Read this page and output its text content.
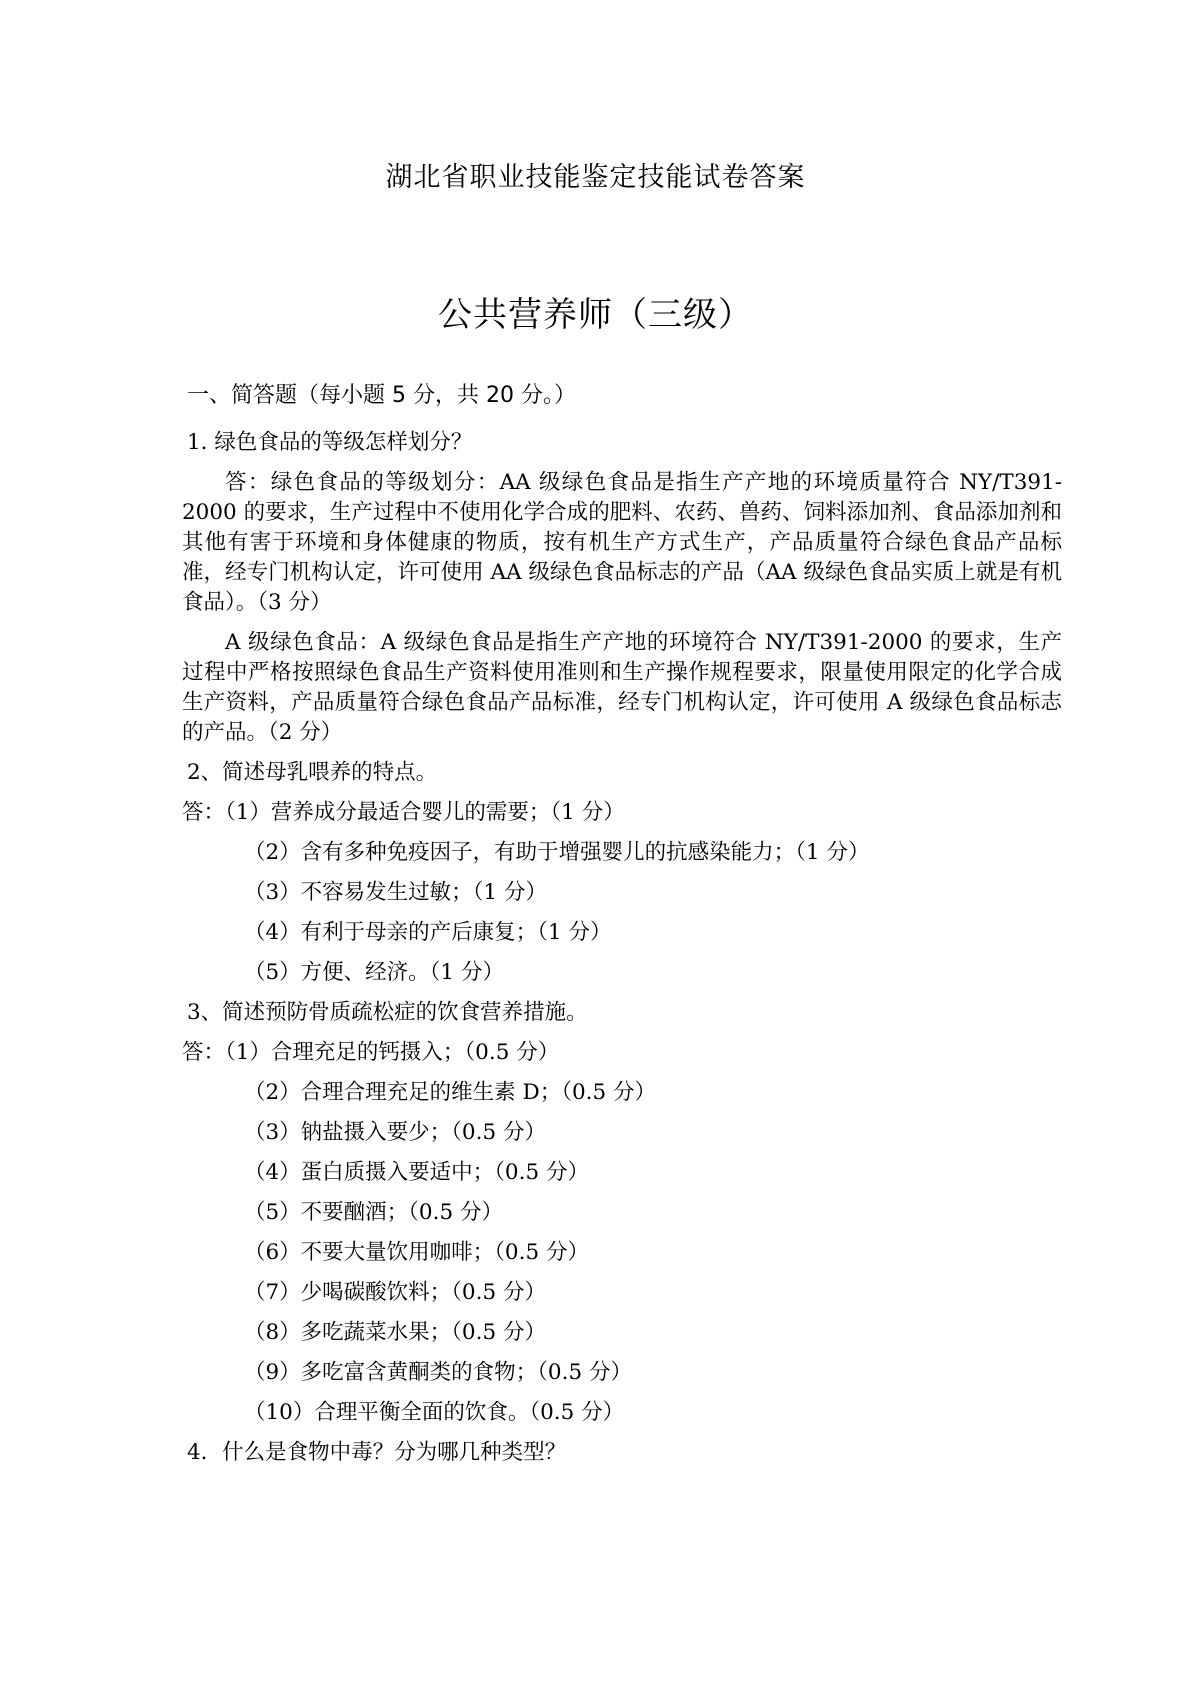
湖北省职业技能鉴定技能试卷答案
公共营养师（三级）
一、简答题（每小题 5 分，共 20 分。）
1. 绿色食品的等级怎样划分？

答：绿色食品的等级划分：AA 级绿色食品是指生产产地的环境质量符合 NY/T391-2000 的要求，生产过程中不使用化学合成的肥料、农药、兽药、饲料添加剂、食品添加剂和其他有害于环境和身体健康的物质，按有机生产方式生产，产品质量符合绿色食品产品标准，经专门机构认定，许可使用 AA 级绿色食品标志的产品（AA 级绿色食品实质上就是有机食品）。（3 分）

A 级绿色食品：A 级绿色食品是指生产产地的环境符合 NY/T391-2000 的要求，生产过程中严格按照绿色食品生产资料使用准则和生产操作规程要求，限量使用限定的化学合成生产资料，产品质量符合绿色食品产品标准，经专门机构认定，许可使用 A 级绿色食品标志的产品。（2 分）

2、简述母乳喂养的特点。
答：（1）营养成分最适合婴儿的需要；（1 分）
（2）含有多种免疫因子，有助于增强婴儿的抗感染能力；（1 分）
（3）不容易发生过敏；（1 分）
（4）有利于母亲的产后康复；（1 分）
（5）方便、经济。（1 分）
3、简述预防骨质疏松症的饮食营养措施。
答：（1）合理充足的钙摄入；（0.5 分）
（2）合理合理充足的维生素 D；（0.5 分）
（3）钠盐摄入要少；（0.5 分）
（4）蛋白质摄入要适中；（0.5 分）
（5）不要酗酒；（0.5 分）
（6）不要大量饮用咖啡；（0.5 分）
（7）少喝碳酸饮料；（0.5 分）
（8）多吃蔬菜水果；（0.5 分）
（9）多吃富含黄酮类的食物；（0.5 分）
（10）合理平衡全面的饮食。（0.5 分）
4．什么是食物中毒？分为哪几种类型？
